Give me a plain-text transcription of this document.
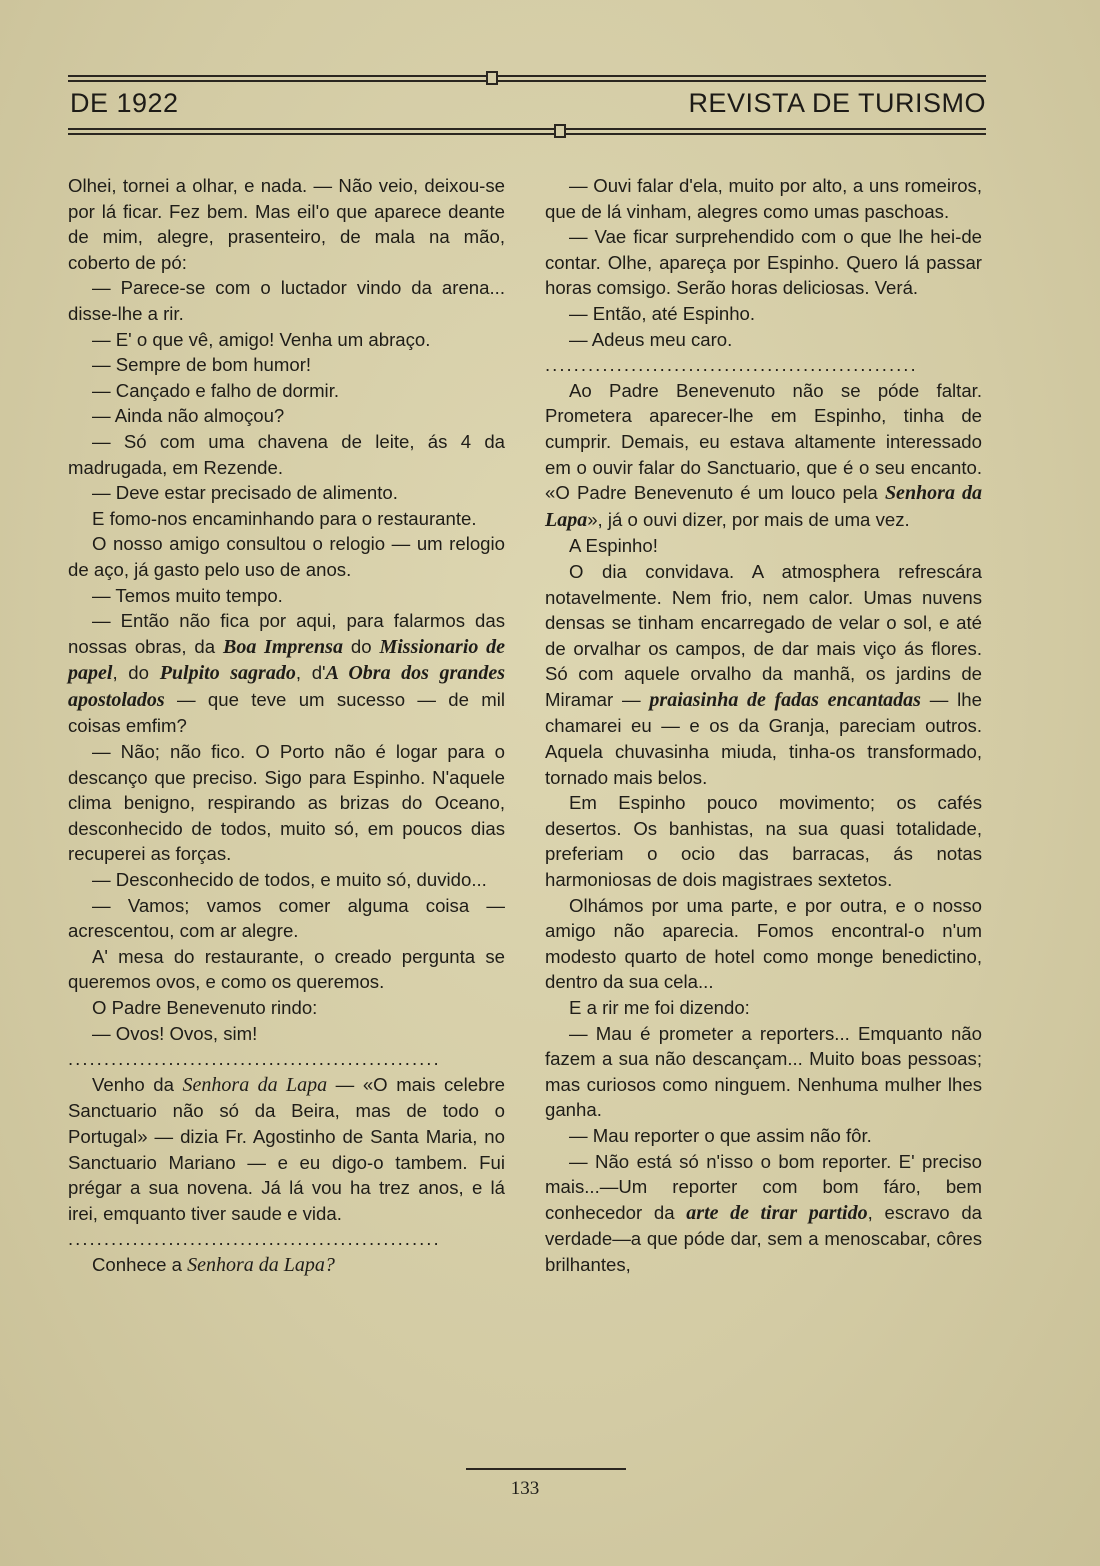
DE 1922	REVISTA DE TURISMO

Olhei, tornei a olhar, e nada. — Não veio, deixou-se por lá ficar. Fez bem. Mas eil'o que aparece deante de mim, alegre, prasenteiro, de mala na mão, coberto de pó:

— Parece-se com o luctador vindo da arena... disse-lhe a rir.

— E' o que vê, amigo! Venha um abraço.

— Sempre de bom humor!

— Cançado e falho de dormir.

— Ainda não almoçou?

— Só com uma chavena de leite, ás 4 da madrugada, em Rezende.

— Deve estar precisado de alimento.

E fomo-nos encaminhando para o restaurante.

O nosso amigo consultou o relogio — um relogio de aço, já gasto pelo uso de anos.

— Temos muito tempo.

— Então não fica por aqui, para falarmos das nossas obras, da Boa Imprensa do Missionario de papel, do Pulpito sagrado, d'A Obra dos grandes apostolados — que teve um sucesso — de mil coisas emfim?

— Não; não fico. O Porto não é logar para o descanço que preciso. Sigo para Espinho. N'aquele clima benigno, respirando as brizas do Oceano, desconhecido de todos, muito só, em poucos dias recuperei as forças.

— Desconhecido de todos, e muito só, duvido...

— Vamos; vamos comer alguma coisa —acrescentou, com ar alegre.

A' mesa do restaurante, o creado pergunta se queremos ovos, e como os queremos.

O Padre Benevenuto rindo:

— Ovos! Ovos, sim!

....................................................

Venho da Senhora da Lapa — «O mais celebre Sanctuario não só da Beira, mas de todo o Portugal» — dizia Fr. Agostinho de Santa Maria, no Sanctuario Mariano — e eu digo-o tambem. Fui prégar a sua novena. Já lá vou ha trez anos, e lá irei, emquanto tiver saude e vida.

....................................................

Conhece a Senhora da Lapa?

— Ouvi falar d'ela, muito por alto, a uns romeiros, que de lá vinham, alegres como umas paschoas.

— Vae ficar surprehendido com o que lhe hei-de contar. Olhe, apareça por Espinho. Quero lá passar horas comsigo. Serão horas deliciosas. Verá.

— Então, até Espinho.

— Adeus meu caro.

....................................................

Ao Padre Benevenuto não se póde faltar. Prometera aparecer-lhe em Espinho, tinha de cumprir. Demais, eu estava altamente interessado em o ouvir falar do Sanctuario, que é o seu encanto. «O Padre Benevenuto é um louco pela Senhora da Lapa», já o ouvi dizer, por mais de uma vez.

A Espinho!

O dia convidava. A atmosphera refrescára notavelmente. Nem frio, nem calor. Umas nuvens densas se tinham encarregado de velar o sol, e até de orvalhar os campos, de dar mais viço ás flores. Só com aquele orvalho da manhã, os jardins de Miramar — praiasinha de fadas encantadas — lhe chamarei eu — e os da Granja, pareciam outros. Aquela chuvasinha miuda, tinha-os transformado, tornado mais belos.

Em Espinho pouco movimento; os cafés desertos. Os banhistas, na sua quasi totalidade, preferiam o ocio das barracas, ás notas harmoniosas de dois magistraes sextetos.

Olhámos por uma parte, e por outra, e o nosso amigo não aparecia. Fomos encontral-o n'um modesto quarto de hotel como monge benedictino, dentro da sua cela...

E a rir me foi dizendo:

— Mau é prometer a reporters... Emquanto não fazem a sua não descançam... Muito boas pessoas; mas curiosos como ninguem. Nenhuma mulher lhes ganha.

— Mau reporter o que assim não fôr.

— Não está só n'isso o bom reporter. E' preciso mais...—Um reporter com bom fáro, bem conhecedor da arte de tirar partido, escravo da verdade—a que póde dar, sem a menoscabar, côres brilhantes,

133
